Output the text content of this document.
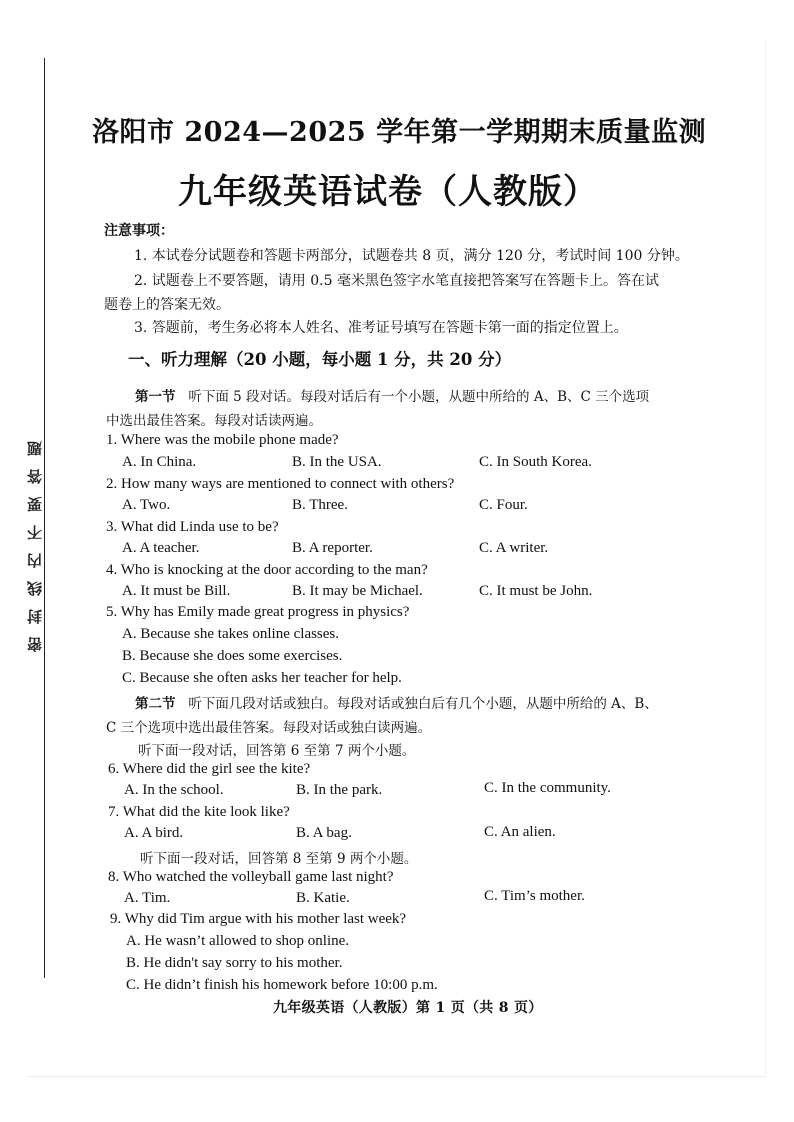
密封线内不要答题
洛阳市 2024—2025 学年第一学期期末质量监测
九年级英语试卷（人教版）
注意事项：
1. 本试卷分试题卷和答题卡两部分，试题卷共 8 页，满分 120 分，考试时间 100 分钟。
2. 试题卷上不要答题，请用 0.5 毫米黑色签字水笔直接把答案写在答题卡上。答在试
题卷上的答案无效。
3. 答题前，考生务必将本人姓名、准考证号填写在答题卡第一面的指定位置上。
一、听力理解（20 小题，每小题 1 分，共 20 分）
第一节 听下面 5 段对话。每段对话后有一个小题，从题中所给的 A、B、C 三个选项
中选出最佳答案。每段对话读两遍。
1. Where was the mobile phone made?
A. In China.	B. In the USA.	C. In South Korea.
2. How many ways are mentioned to connect with others?
A. Two.	B. Three.	C. Four.
3. What did Linda use to be?
A. A teacher.	B. A reporter.	C. A writer.
4. Who is knocking at the door according to the man?
A. It must be Bill.	B. It may be Michael.	C. It must be John.
5. Why has Emily made great progress in physics?
A. Because she takes online classes.
B. Because she does some exercises.
C. Because she often asks her teacher for help.
第二节 听下面几段对话或独白。每段对话或独白后有几个小题，从题中所给的 A、B、
C 三个选项中选出最佳答案。每段对话或独白读两遍。
听下面一段对话，回答第 6 至第 7 两个小题。
6. Where did the girl see the kite?
A. In the school.	B. In the park.	C. In the community.
7. What did the kite look like?
A. A bird.	B. A bag.	C. An alien.
听下面一段对话，回答第 8 至第 9 两个小题。
8. Who watched the volleyball game last night?
A. Tim.	B. Katie.	C. Tim’s mother.
9. Why did Tim argue with his mother last week?
A. He wasn’t allowed to shop online.
B. He didn't say sorry to his mother.
C. He didn’t finish his homework before 10:00 p.m.
九年级英语（人教版）第 1 页（共 8 页）
